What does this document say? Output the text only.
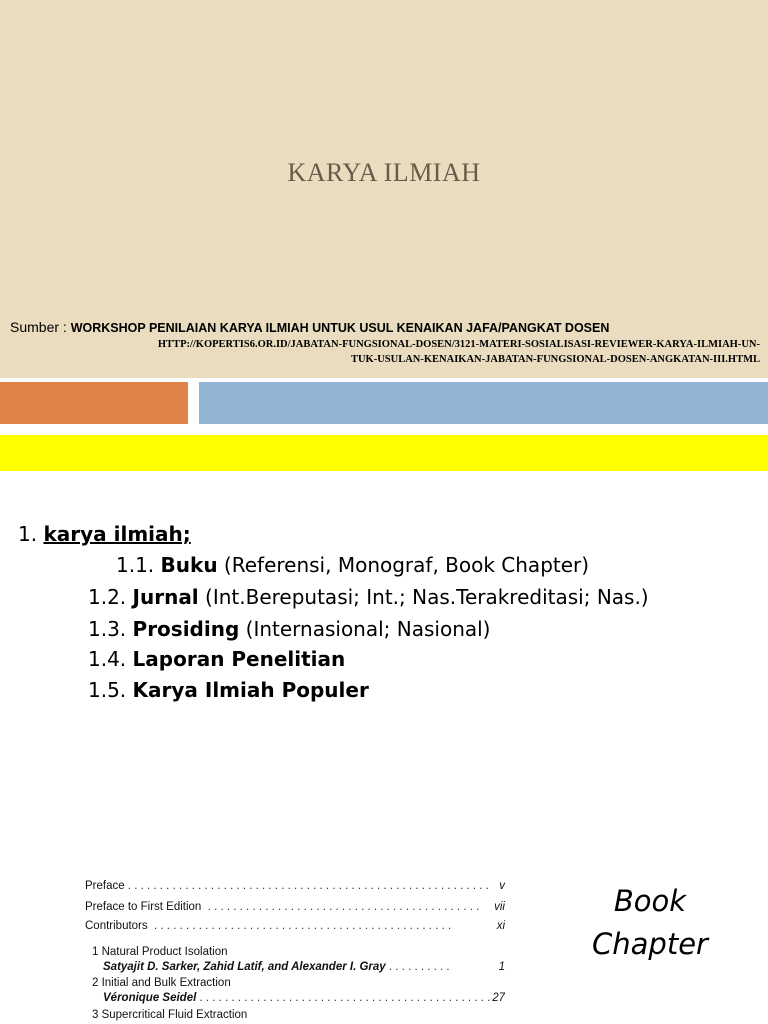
KARYA ILMIAH
Sumber : WORKSHOP PENILAIAN KARYA ILMIAH UNTUK USUL KENAIKAN JAFA/PANGKAT DOSEN
HTTP://KOPERTIS6.OR.ID/JABATAN-FUNGSIONAL-DOSEN/3121-MATERI-SOSIALISASI-REVIEWER-KARYA-ILMIAH-UN-
TUK-USULAN-KENAIKAN-JABATAN-FUNGSIONAL-DOSEN-ANGKATAN-III.HTML
1. karya ilmiah;
1.1. Buku (Referensi, Monograf, Book Chapter)
1.2. Jurnal (Int.Bereputasi; Int.; Nas.Terakreditasi; Nas.)
1.3. Prosiding (Internasional; Nasional)
1.4. Laporan Penelitian
1.5. Karya Ilmiah Populer
Preface . . . . . . . . . . . . . . . . . . . . . . . . . . . . . . . . . . . . . . . . . . . . . . . . . . . . . . . . . v
Preface to First Edition  . . . . . . . . . . . . . . . . . . . . . . . . . . . . . . . . . . . . . . . . . . . vii
Contributors  . . . . . . . . . . . . . . . . . . . . . . . . . . . . . . . . . . . . . . . . . . . . . . .	xi
1 Natural Product Isolation
Satyajit D. Sarker, Zahid Latif, and Alexander I. Gray . . . . . . . . . .	1
2 Initial and Bulk Extraction
Véronique Seidel . . . . . . . . . . . . . . . . . . . . . . . . . . . . . . . . . . . . . . . . . . . . . . 27
3 Supercritical Fluid Extraction
Book
Chapter
